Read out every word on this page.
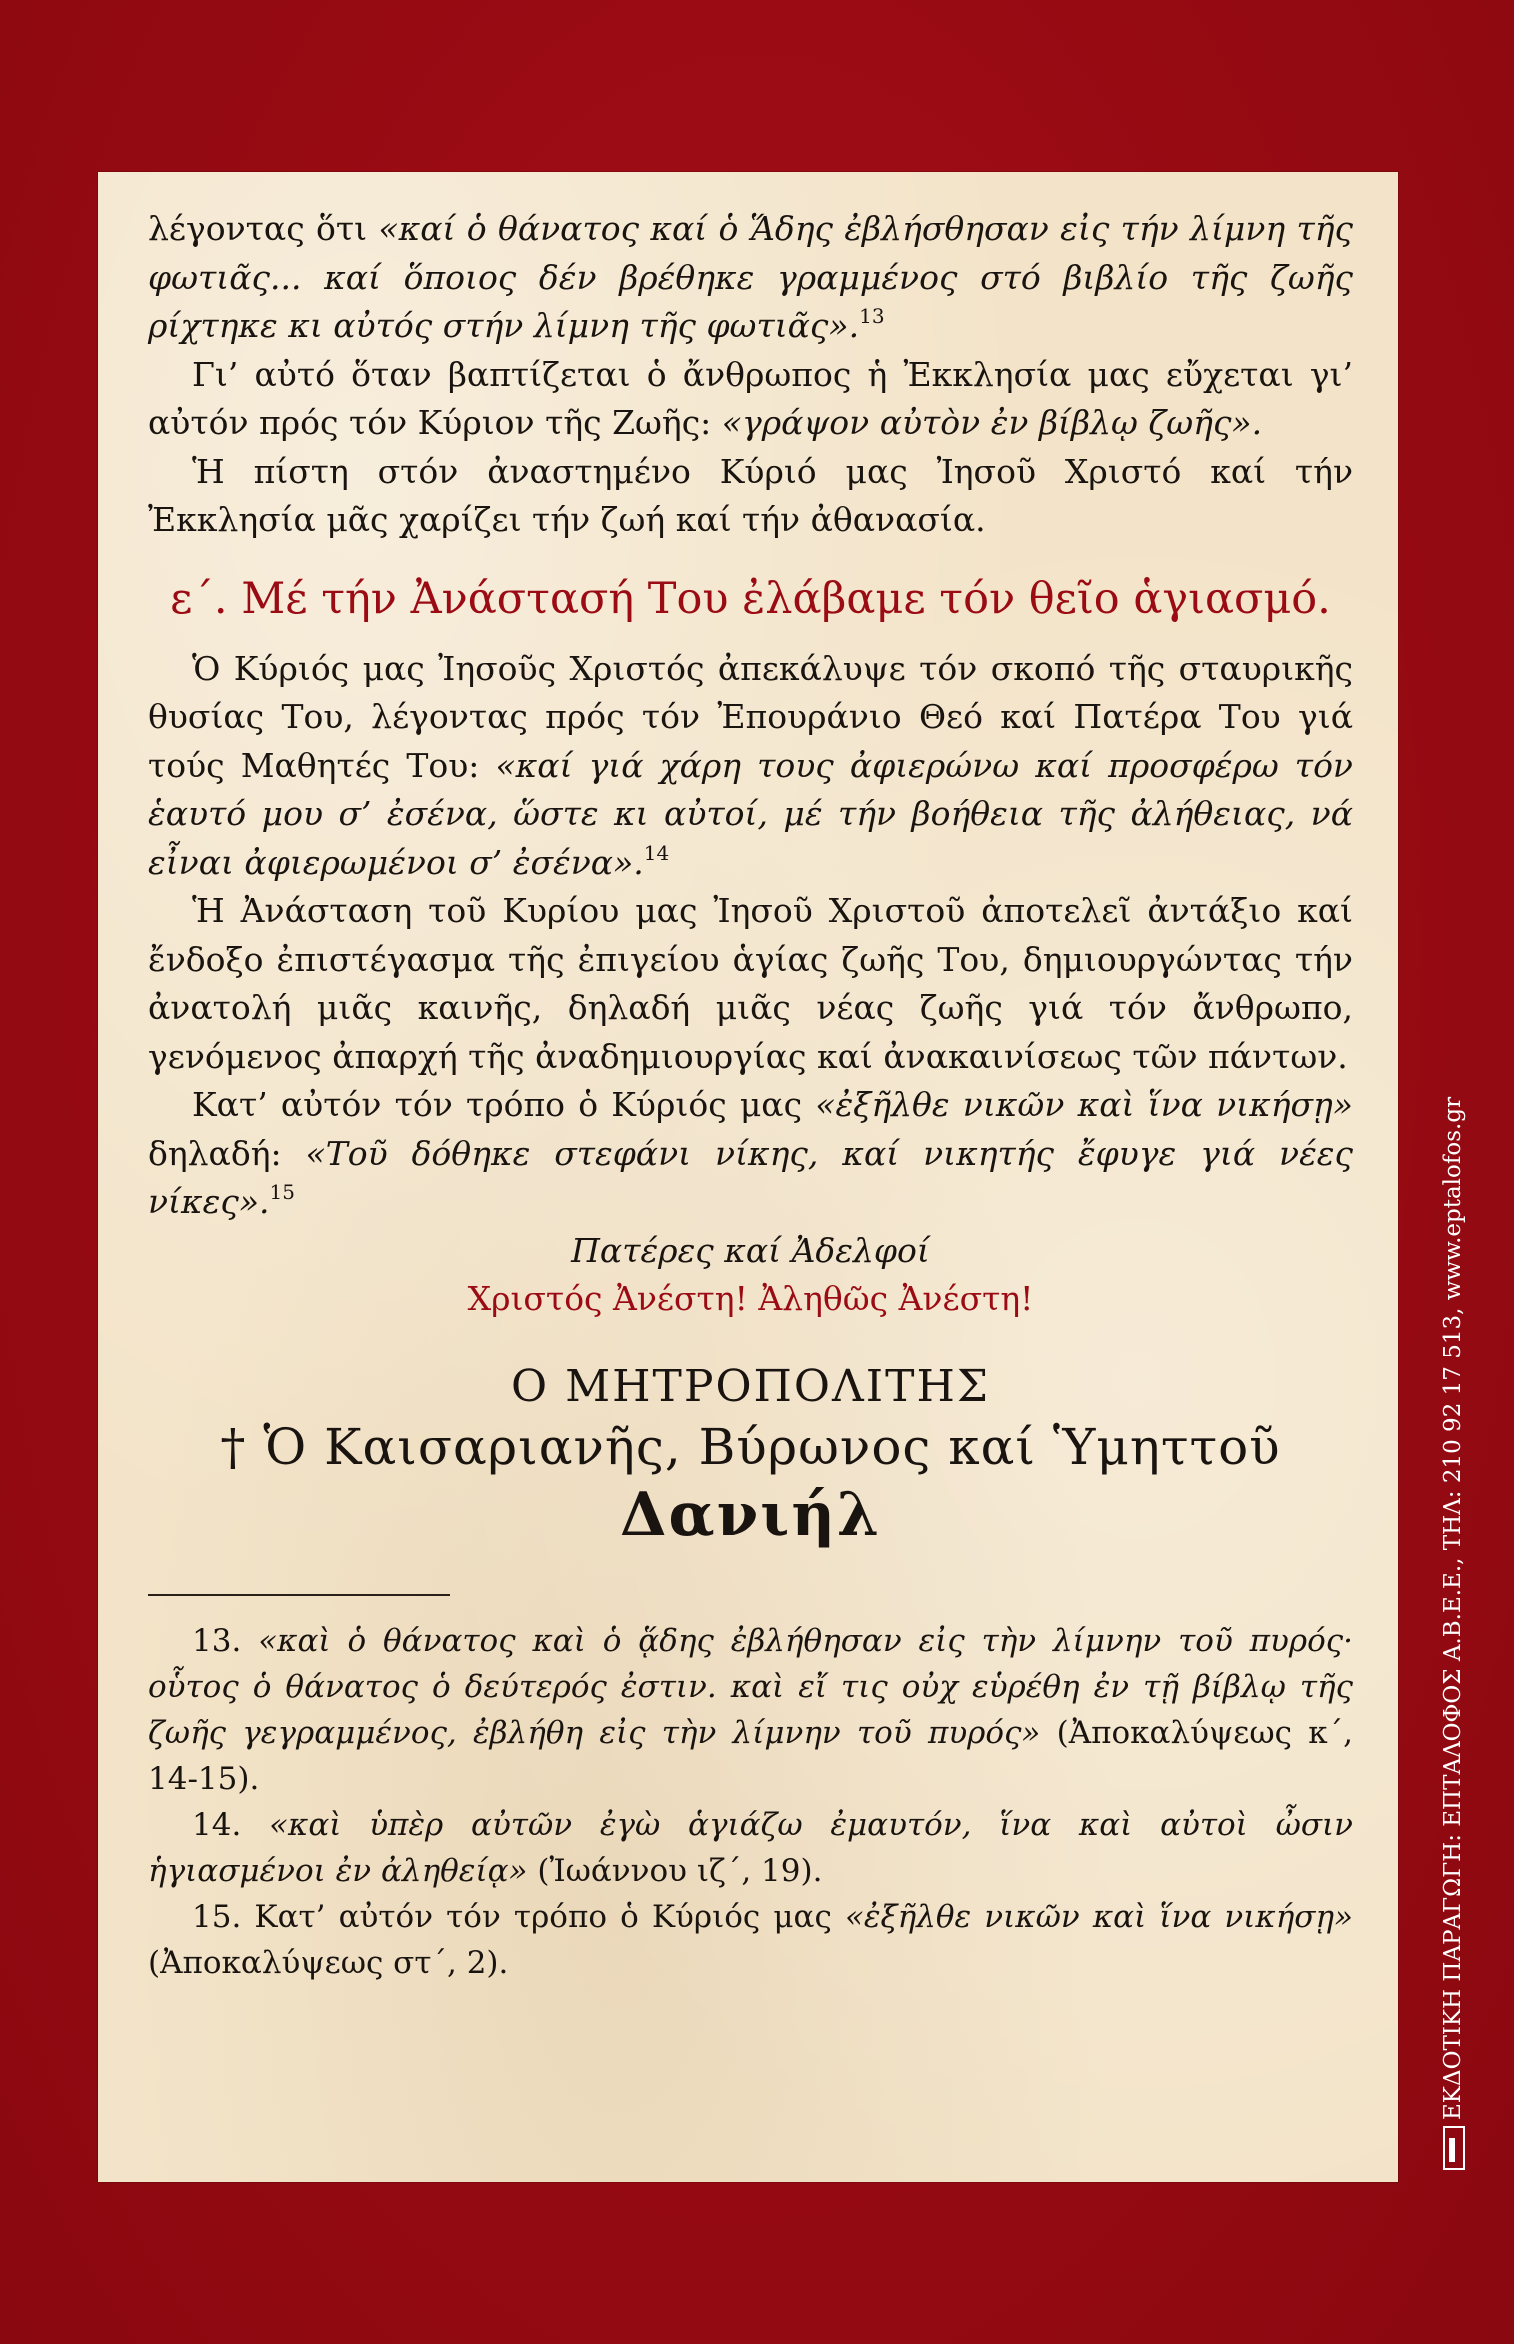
λέγοντας ὅτι «καί ὁ θάνατος καί ὁ Ἅδης ἐβλήσθησαν εἰς τήν λίμνη τῆς φωτιᾶς... καί ὅποιος δέν βρέθηκε γραμμένος στό βιβλίο τῆς ζωῆς ρίχτηκε κι αὐτός στήν λίμνη τῆς φωτιᾶς».$^{13}$

Γι’ αὐτό ὅταν βαπτίζεται ὁ ἄνθρωπος ἡ Ἐκκλησία μας εὔχεται γι’ αὐτόν πρός τόν Κύριον τῆς Ζωῆς: «γράψον αὐτὸν ἐν βίβλῳ ζωῆς».

Ἡ πίστη στόν ἀναστημένο Κύριό μας Ἰησοῦ Χριστό καί τήν Ἐκκλησία μᾶς χαρίζει τήν ζωή καί τήν ἀθανασία.

ε΄. Μέ τήν Ἀνάστασή Του ἐλάβαμε τόν θεῖο ἁγιασμό.

Ὁ Κύριός μας Ἰησοῦς Χριστός ἀπεκάλυψε τόν σκοπό τῆς σταυρικῆς θυσίας Του, λέγοντας πρός τόν Ἐπουράνιο Θεό καί Πατέρα Του γιά τούς Μαθητές Του: «καί γιά χάρη τους ἀφιερώνω καί προσφέρω τόν ἑαυτό μου σ’ ἐσένα, ὥστε κι αὐτοί, μέ τήν βοήθεια τῆς ἀλήθειας, νά εἶναι ἀφιερωμένοι σ’ ἐσένα».$^{14}$

Ἡ Ἀνάσταση τοῦ Κυρίου μας Ἰησοῦ Χριστοῦ ἀποτελεῖ ἀντάξιο καί ἔνδοξο ἐπιστέγασμα τῆς ἐπιγείου ἁγίας ζωῆς Του, δημιουργώντας τήν ἀνατολή μιᾶς καινῆς, δηλαδή μιᾶς νέας ζωῆς γιά τόν ἄνθρωπο, γενόμενος ἀπαρχή τῆς ἀναδημιουργίας καί ἀνακαινίσεως τῶν πάντων.

Κατ’ αὐτόν τόν τρόπο ὁ Κύριός μας «ἐξῆλθε νικῶν καὶ ἵνα νικήσῃ» δηλαδή: «Τοῦ δόθηκε στεφάνι νίκης, καί νικητής ἔφυγε γιά νέες νίκες».$^{15}$

Πατέρες καί Ἀδελφοί

Χριστός Ἀνέστη! Ἀληθῶς Ἀνέστη!

Ο ΜΗΤΡΟΠΟΛΙΤΗΣ
† Ὁ Καισαριανῆς, Βύρωνος καί Ὑμηττοῦ
Δανιήλ

13. «καὶ ὁ θάνατος καὶ ὁ ᾅδης ἐβλήθησαν εἰς τὴν λίμνην τοῦ πυρός· οὗτος ὁ θάνατος ὁ δεύτερός ἐστιν. καὶ εἴ τις οὐχ εὑρέθη ἐν τῇ βίβλῳ τῆς ζωῆς γεγραμμένος, ἐβλήθη εἰς τὴν λίμνην τοῦ πυρός» (Ἀποκαλύψεως κ΄, 14-15).

14. «καὶ ὑπὲρ αὐτῶν ἐγὼ ἁγιάζω ἐμαυτόν, ἵνα καὶ αὐτοὶ ὦσιν ἡγιασμένοι ἐν ἀληθείᾳ» (Ἰωάννου ιζ΄, 19).

15. Κατ’ αὐτόν τόν τρόπο ὁ Κύριός μας «ἐξῆλθε νικῶν καὶ ἵνα νικήσῃ» (Ἀποκαλύψεως στ΄, 2).	ΕΚΔΟΤΙΚΗ ΠΑΡΑΓΩΓΗ: ΕΠΤΑΛΟΦΟΣ Α.Β.Ε.Ε., ΤΗΛ: 210 92 17 513, www.eptalofos.gr
